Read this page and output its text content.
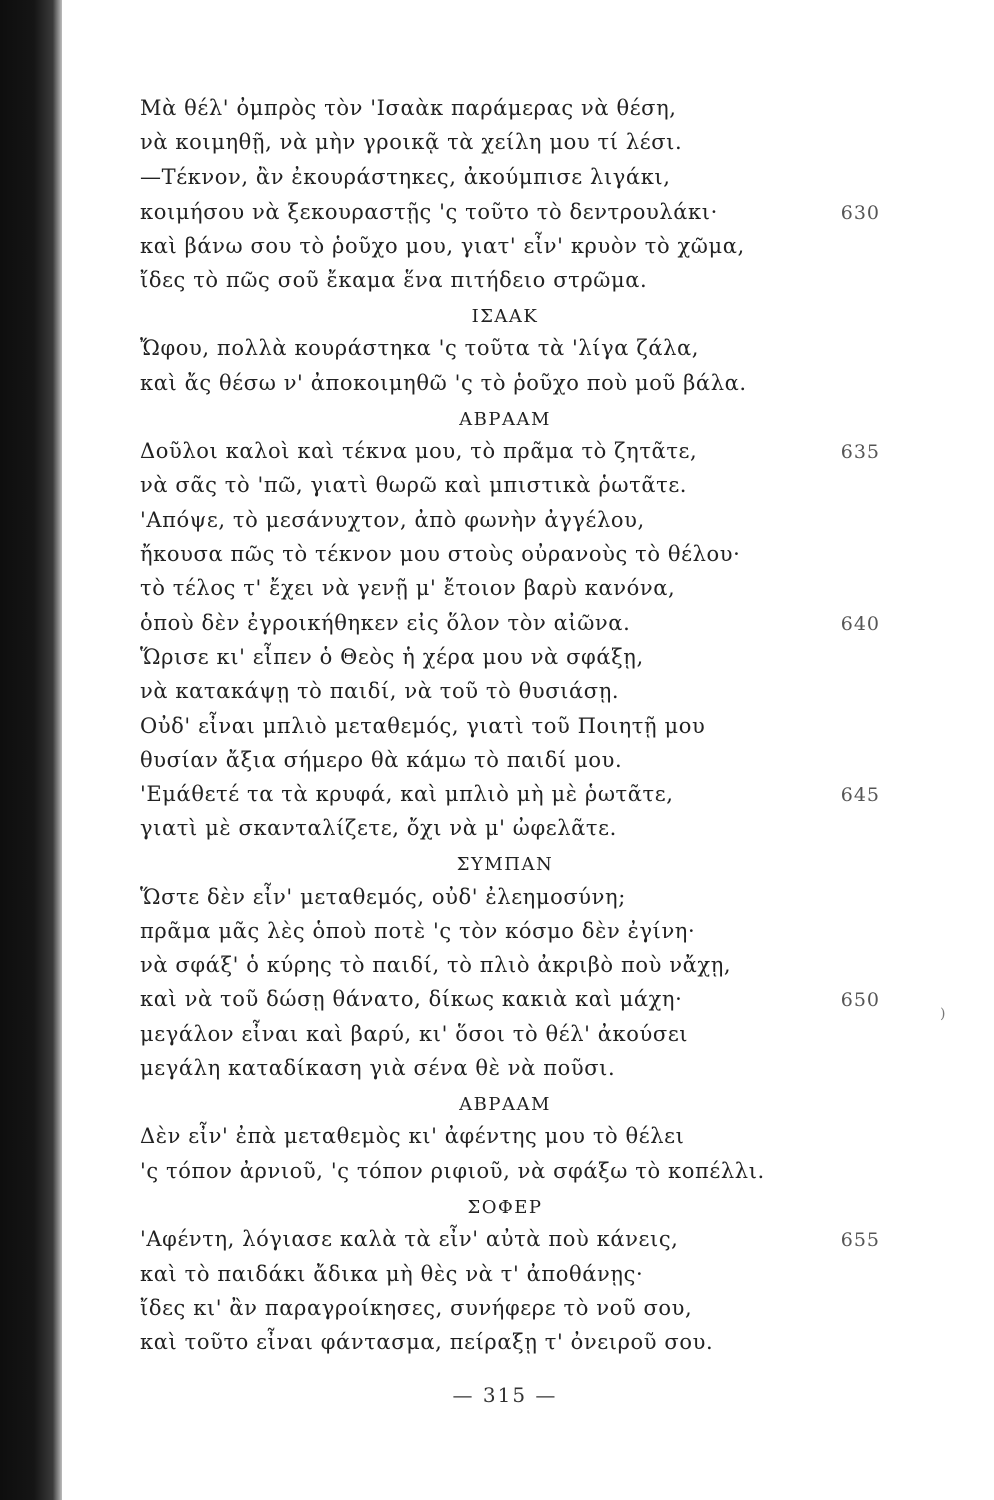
Μὰ θέλ' ὀμπρὸς τὸν 'Ισαὰκ παράμερας νὰ θέση,
νὰ κοιμηθῇ, νὰ μὴν γροικᾷ τὰ χείλη μου τί λέσι.
—Τέκνον, ἂν ἐκουράστηκες, ἀκούμπισε λιγάκι,
κοιμήσου νὰ ξεκουραστῇς 'ς τοῦτο τὸ δεντρουλάκι·	630
καὶ βάνω σου τὸ ῥοῦχο μου, γιατ' εἶν' κρυὸν τὸ χῶμα,
ἴδες τὸ πῶς σοῦ ἔκαμα ἕνα πιτήδειο στρῶμα.
ΙΣΑΑΚ
Ὤφου, πολλὰ κουράστηκα 'ς τοῦτα τὰ 'λίγα ζάλα,
καὶ ἄς θέσω ν' ἀποκοιμηθῶ 'ς τὸ ῥοῦχο ποὺ μοῦ βάλα.
ΑΒΡΑΑΜ
Δοῦλοι καλοὶ καὶ τέκνα μου, τὸ πρᾶμα τὸ ζητᾶτε,	635
νὰ σᾶς τὸ 'πῶ, γιατὶ θωρῶ καὶ μπιστικὰ ῥωτᾶτε.
'Απόψε, τὸ μεσάνυχτον, ἀπὸ φωνὴν ἀγγέλου,
ἤκουσα πῶς τὸ τέκνον μου στοὺς οὐρανοὺς τὸ θέλου·
τὸ τέλος τ' ἔχει νὰ γενῇ μ' ἔτοιον βαρὺ κανόνα,
ὁποὺ δὲν ἐγροικήθηκεν εἰς ὅλον τὸν αἰῶνα.	640
Ὥρισε κι' εἶπεν ὁ Θεὸς ἡ χέρα μου νὰ σφάξῃ,
νὰ κατακάψῃ τὸ παιδί, νὰ τοῦ τὸ θυσιάσῃ.
Οὐδ' εἶναι μπλιὸ μεταθεμός, γιατὶ τοῦ Ποιητῇ μου
θυσίαν ἄξια σήμερο θὰ κάμω τὸ παιδί μου.
'Εμάθετέ τα τὰ κρυφά, καὶ μπλιὸ μὴ μὲ ῥωτᾶτε,	645
γιατὶ μὲ σκανταλίζετε, ὄχι νὰ μ' ὠφελᾶτε.
ΣΥΜΠΑΝ
Ὥστε δὲν εἶν' μεταθεμός, οὐδ' ἐλεημοσύνη;
πρᾶμα μᾶς λὲς ὁποὺ ποτὲ 'ς τὸν κόσμο δὲν ἐγίνη·
νὰ σφάξ' ὁ κύρης τὸ παιδί, τὸ πλιὸ ἀκριβὸ ποὺ νἄχῃ,
καὶ νὰ τοῦ δώσῃ θάνατο, δίκως κακιὰ καὶ μάχη·	650
μεγάλον εἶναι καὶ βαρύ, κι' ὅσοι τὸ θέλ' ἀκούσει
μεγάλη καταδίκαση γιὰ σένα θὲ νὰ ποῦσι.
ΑΒΡΑΑΜ
Δὲν εἶν' ἐπὰ μεταθεμὸς κι' ἀφέντης μου τὸ θέλει
'ς τόπον ἀρνιοῦ, 'ς τόπον ριφιοῦ, νὰ σφάξω τὸ κοπέλλι.
ΣΟΦΕΡ
'Αφέντη, λόγιασε καλὰ τὰ εἶν' αὐτὰ ποὺ κάνεις,	655
καὶ τὸ παιδάκι ἄδικα μὴ θὲς νὰ τ' ἀποθάνῃς·
ἴδες κι' ἂν παραγροίκησες, συνήφερε τὸ νοῦ σου,
καὶ τοῦτο εἶναι φάντασμα, πείραξῃ τ' ὀνειροῦ σου.
— 315 —
)
